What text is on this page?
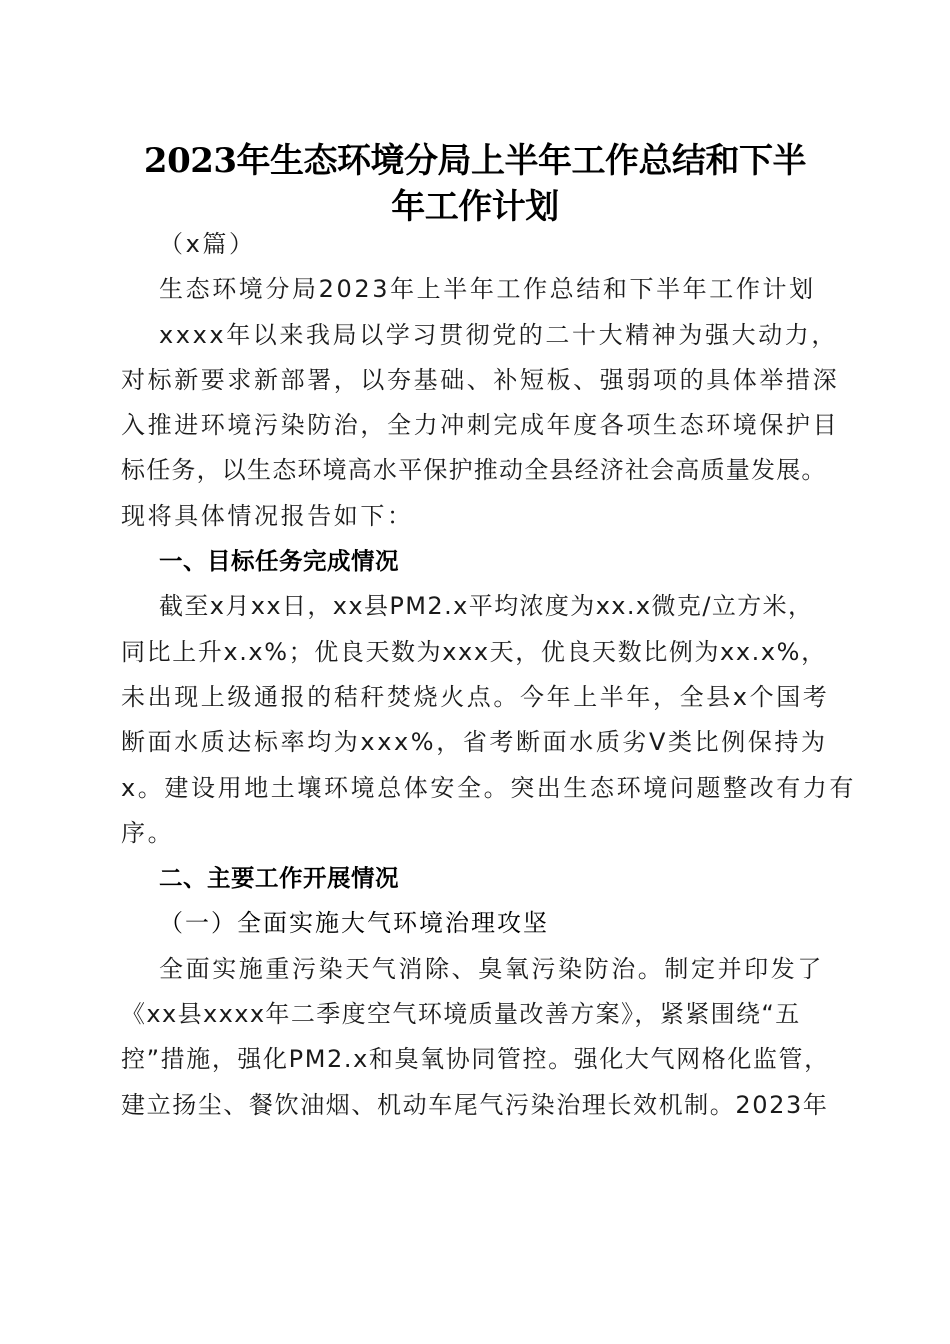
2023年生态环境分局上半年工作总结和下半
年工作计划

（x篇）

生态环境分局2023年上半年工作总结和下半年工作计划

xxxx年以来我局以学习贯彻党的二十大精神为强大动力，
对标新要求新部署，以夯基础、补短板、强弱项的具体举措深
入推进环境污染防治，全力冲刺完成年度各项生态环境保护目
标任务，以生态环境高水平保护推动全县经济社会高质量发展。
现将具体情况报告如下：

一、目标任务完成情况

截至x月xx日，xx县PM2.x平均浓度为xx.x微克/立方米，
同比上升x.x%；优良天数为xxx天，优良天数比例为xx.x%，
未出现上级通报的秸秆焚烧火点。今年上半年，全县x个国考
断面水质达标率均为xxx%，省考断面水质劣Ⅴ类比例保持为
x。建设用地土壤环境总体安全。突出生态环境问题整改有力有
序。

二、主要工作开展情况

（一）全面实施大气环境治理攻坚

全面实施重污染天气消除、臭氧污染防治。制定并印发了
《xx县xxxx年二季度空气环境质量改善方案》，紧紧围绕“五
控”措施，强化PM2.x和臭氧协同管控。强化大气网格化监管，
建立扬尘、餐饮油烟、机动车尾气污染治理长效机制。2023年
